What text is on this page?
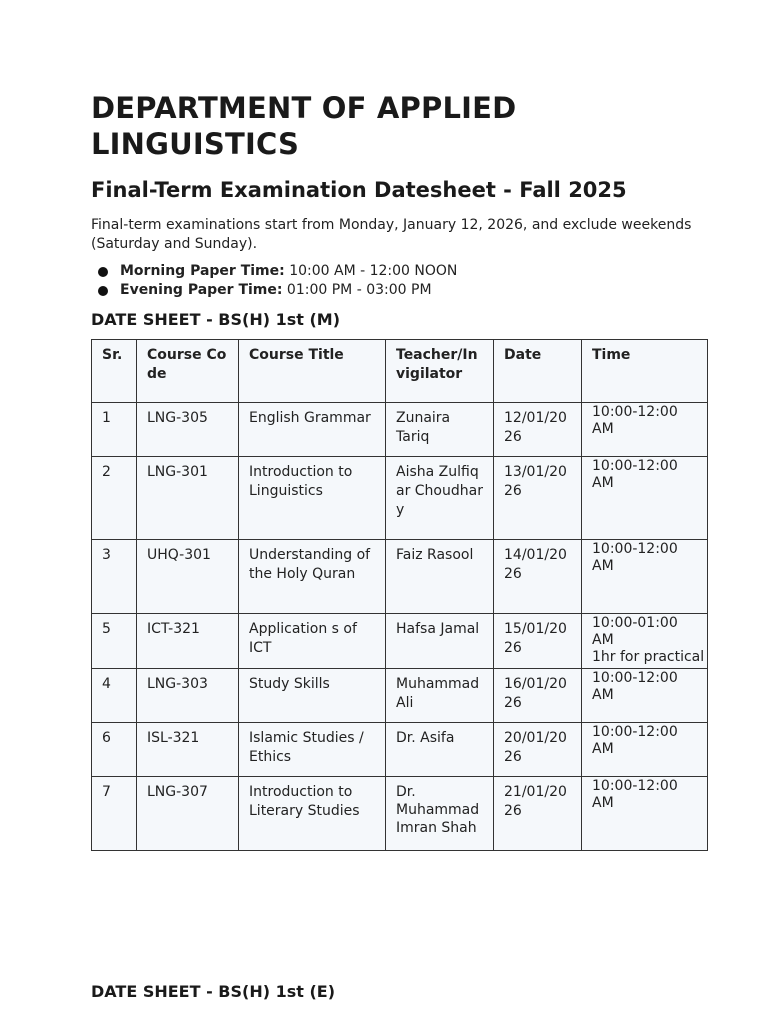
DEPARTMENT OF APPLIED LINGUISTICS
Final-Term Examination Datesheet - Fall 2025

Final-term examinations start from Monday, January 12, 2026, and exclude weekends (Saturday and Sunday).

Morning Paper Time: 10:00 AM - 12:00 NOON
Evening Paper Time: 01:00 PM - 03:00 PM

DATE SHEET - BS(H) 1st (M)

Sr.	Course Code	Course Title	Teacher/Invigilator	Date	Time
1	LNG-305	English Grammar	Zunaira Tariq	12/01/2026	10:00-12:00 AM
2	LNG-301	Introduction to Linguistics	Aisha Zulfiqar Choudhary	13/01/2026	10:00-12:00 AM
3	UHQ-301	Understanding of the Holy Quran	Faiz Rasool	14/01/2026	10:00-12:00 AM
5	ICT-321	Application s of ICT	Hafsa Jamal	15/01/2026	10:00-01:00 AM
1hr for practical

4	LNG-303	Study Skills	Muhammad Ali	16/01/2026	10:00-12:00 AM
6	ISL-321	Islamic Studies / Ethics	Dr. Asifa	20/01/2026	10:00-12:00 AM
7	LNG-307	Introduction to Literary Studies	Dr. Muhammad Imran Shah	21/01/2026	10:00-12:00 AM

DATE SHEET - BS(H) 1st (E)
